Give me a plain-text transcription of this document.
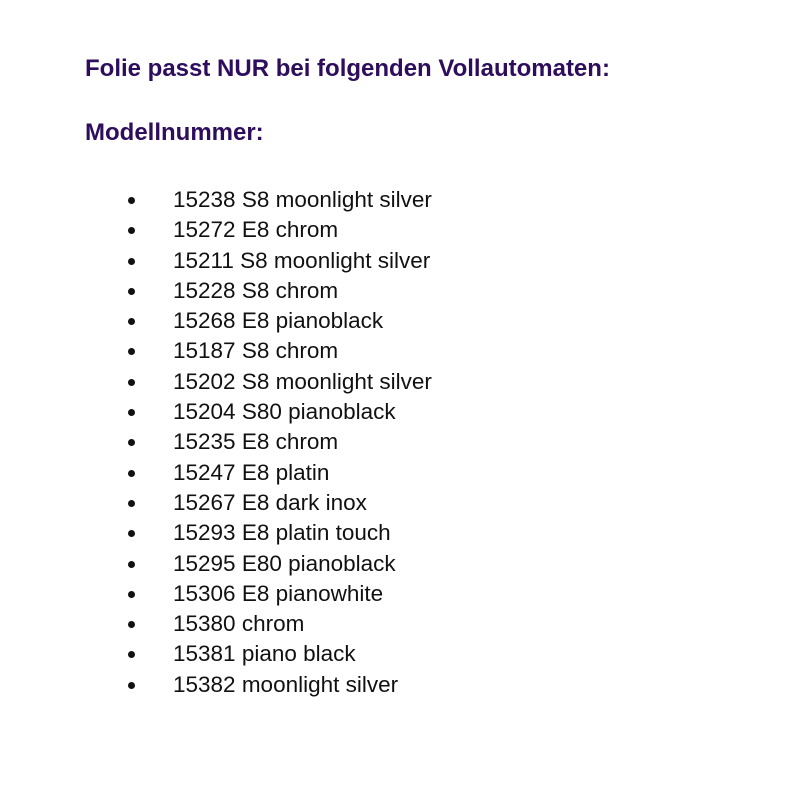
Folie passt NUR bei folgenden Vollautomaten:
Modellnummer:
15238 S8 moonlight silver
15272 E8 chrom
15211 S8 moonlight silver
15228 S8 chrom
15268 E8 pianoblack
15187 S8 chrom
15202 S8 moonlight silver
15204 S80 pianoblack
15235 E8 chrom
15247 E8 platin
15267 E8 dark inox
15293 E8 platin touch
15295 E80 pianoblack
15306 E8 pianowhite
15380 chrom
15381 piano black
15382 moonlight silver
